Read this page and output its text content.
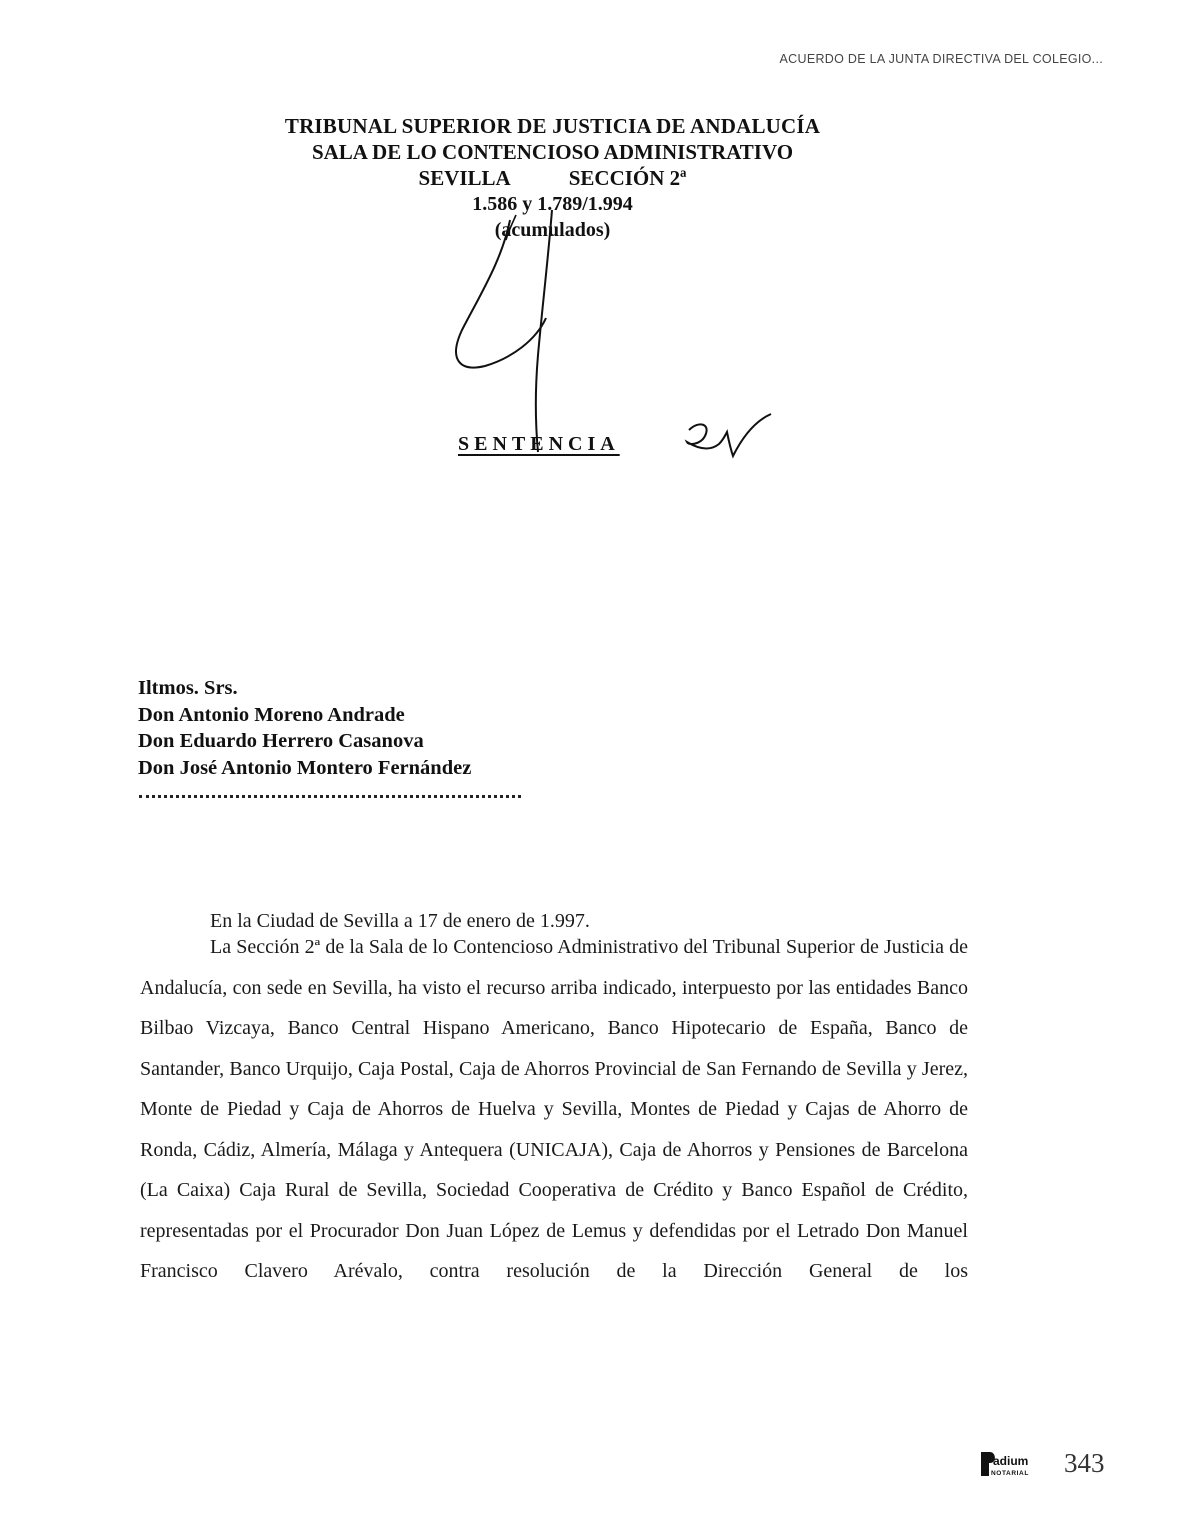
ACUERDO DE LA JUNTA DIRECTIVA DEL COLEGIO...
TRIBUNAL SUPERIOR DE JUSTICIA DE ANDALUCÍA
SALA DE LO CONTENCIOSO ADMINISTRATIVO
SEVILLA	SECCIÓN 2ª
1.586 y 1.789/1.994
(acumulados)
SENTENCIA
Iltmos. Srs.
Don Antonio Moreno Andrade
Don Eduardo Herrero Casanova
Don José Antonio Montero Fernández
En la Ciudad de Sevilla a 17 de enero de 1.997.
La Sección 2ª de la Sala de lo Contencioso Administrativo del Tribunal Superior de Justicia de Andalucía, con sede en Sevilla, ha visto el recurso arriba indicado, interpuesto por las entidades Banco Bilbao Vizcaya, Banco Central Hispano Americano, Banco Hipotecario de España, Banco de Santander, Banco Urquijo, Caja Postal, Caja de Ahorros Provincial de San Fernando de Sevilla y Jerez, Monte de Piedad y Caja de Ahorros de Huelva y Sevilla, Montes de Piedad y Cajas de Ahorro de Ronda, Cádiz, Almería, Málaga y Antequera (UNICAJA), Caja de Ahorros y Pensiones de Barcelona (La Caixa) Caja Rural de Sevilla, Sociedad Cooperativa de Crédito y Banco Español de Crédito, representadas por el Procurador Don Juan López de Lemus y defendidas por el Letrado Don Manuel Francisco Clavero Arévalo, contra resolución de la Dirección General de los
adium
NOTARIAL 343
